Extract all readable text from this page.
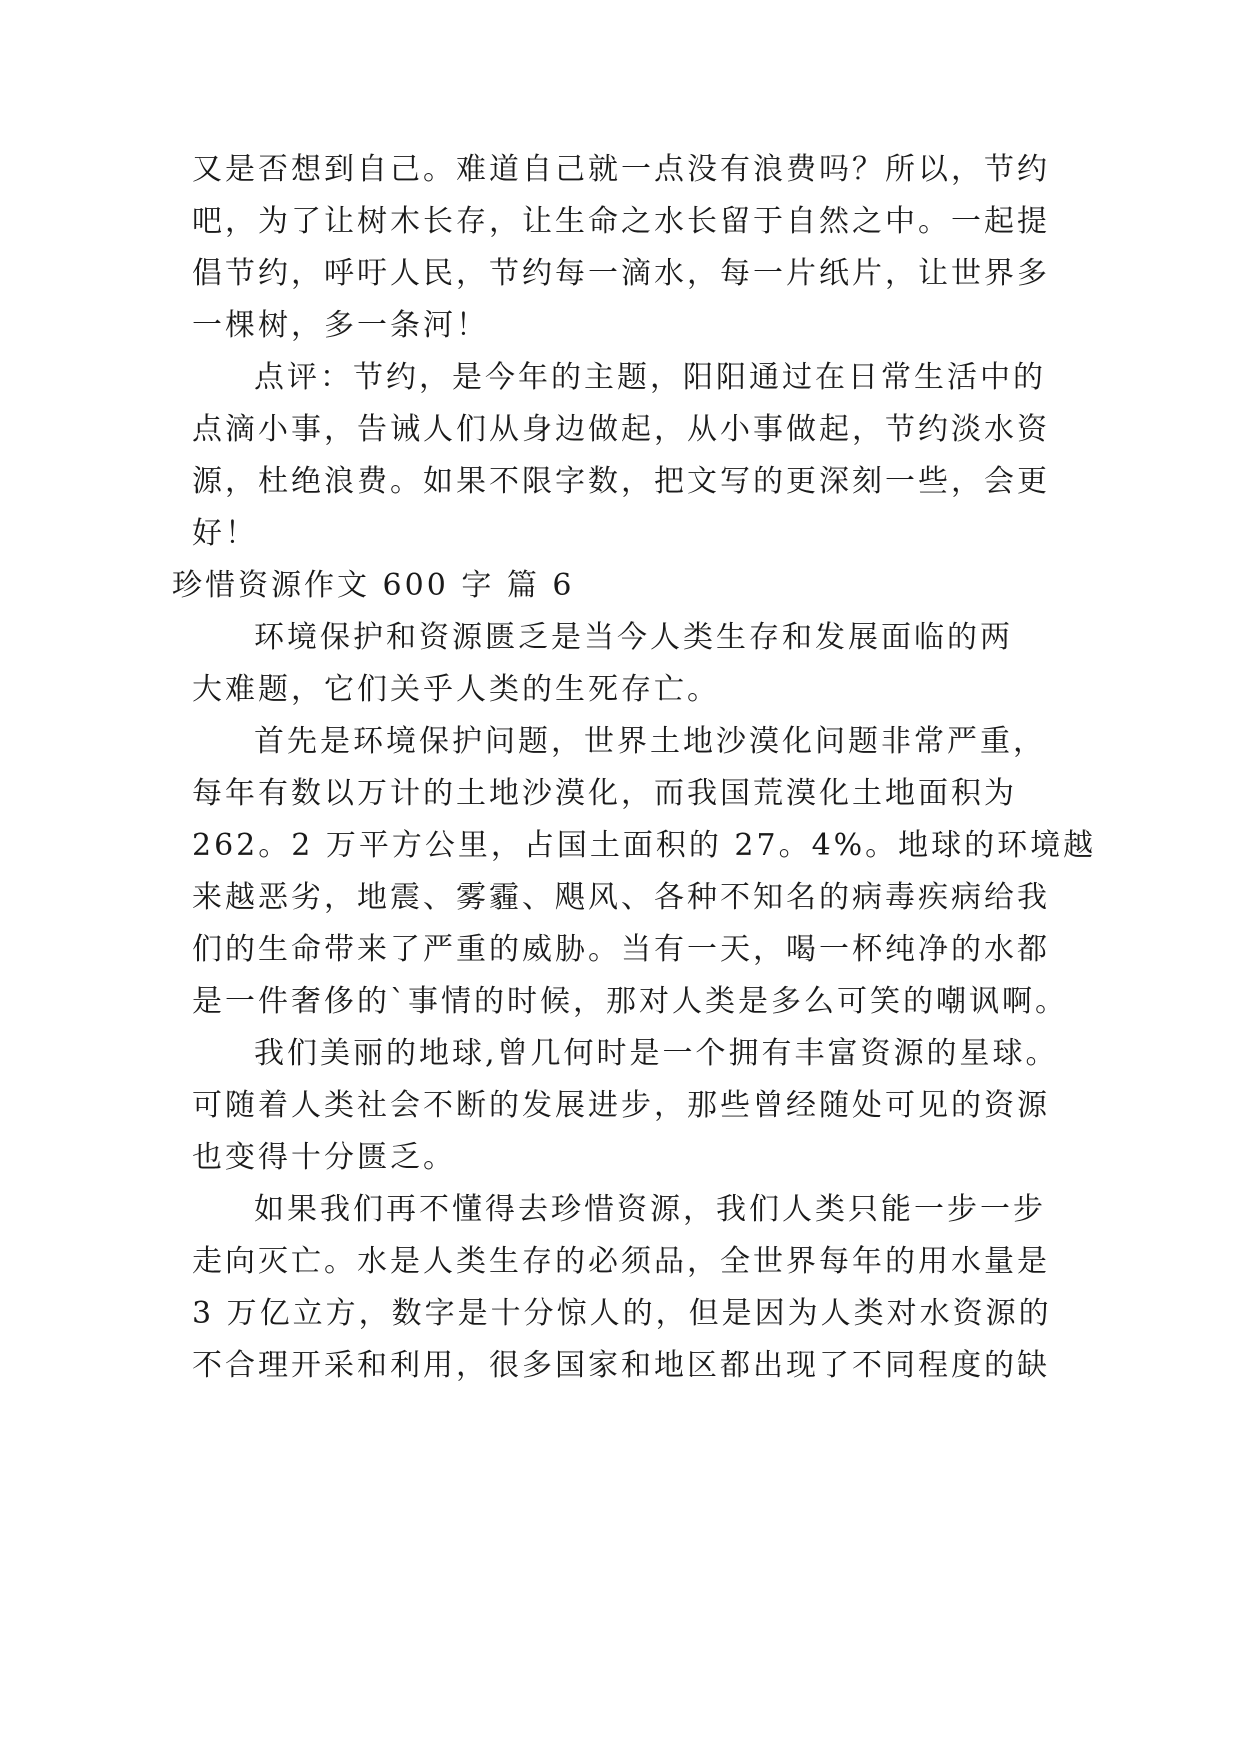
又是否想到自己。难道自己就一点没有浪费吗？所以，节约
吧，为了让树木长存，让生命之水长留于自然之中。一起提
倡节约，呼吁人民，节约每一滴水，每一片纸片，让世界多
一棵树，多一条河！
点评：节约，是今年的主题，阳阳通过在日常生活中的
点滴小事，告诫人们从身边做起，从小事做起，节约淡水资
源，杜绝浪费。如果不限字数，把文写的更深刻一些，会更
好！
珍惜资源作文 600 字 篇 6
环境保护和资源匮乏是当今人类生存和发展面临的两
大难题，它们关乎人类的生死存亡。
首先是环境保护问题，世界土地沙漠化问题非常严重，
每年有数以万计的土地沙漠化，而我国荒漠化土地面积为
262。2 万平方公里，占国土面积的 27。4%。地球的环境越
来越恶劣，地震、雾霾、飓风、各种不知名的病毒疾病给我
们的生命带来了严重的威胁。当有一天，喝一杯纯净的水都
是一件奢侈的`事情的时候，那对人类是多么可笑的嘲讽啊。
我们美丽的地球,曾几何时是一个拥有丰富资源的星球。
可随着人类社会不断的发展进步，那些曾经随处可见的资源
也变得十分匮乏。
如果我们再不懂得去珍惜资源，我们人类只能一步一步
走向灭亡。水是人类生存的必须品，全世界每年的用水量是
3 万亿立方，数字是十分惊人的，但是因为人类对水资源的
不合理开采和利用，很多国家和地区都出现了不同程度的缺
